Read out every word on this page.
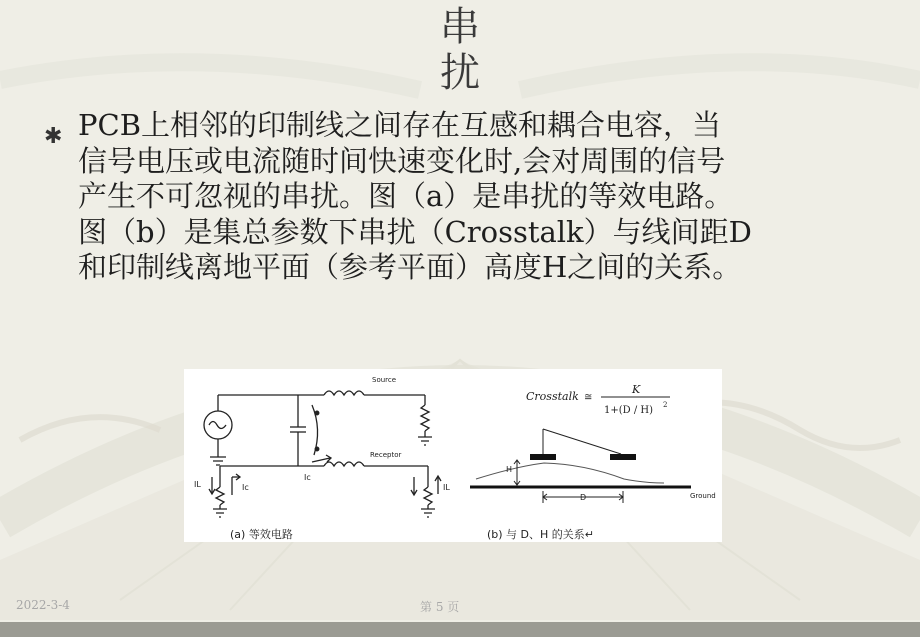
串
扰
✱ PCB上相邻的印制线之间存在互感和耦合电容，当
信号电压或电流随时间快速变化时,会对周围的信号
产生不可忽视的串扰。图（a）是串扰的等效电路。
图（b）是集总参数下串扰（Crosstalk）与线间距D
和印制线离地平面（参考平面）高度H之间的关系。

Source
Receptor
IL	Ic
Ic
IL
Crosstalk ≅
K
1+(D / H) 2
H
D	Ground
(a) 等效电路	(b) 与 D、H 的关系↵
2022-3-4	第 5 页
